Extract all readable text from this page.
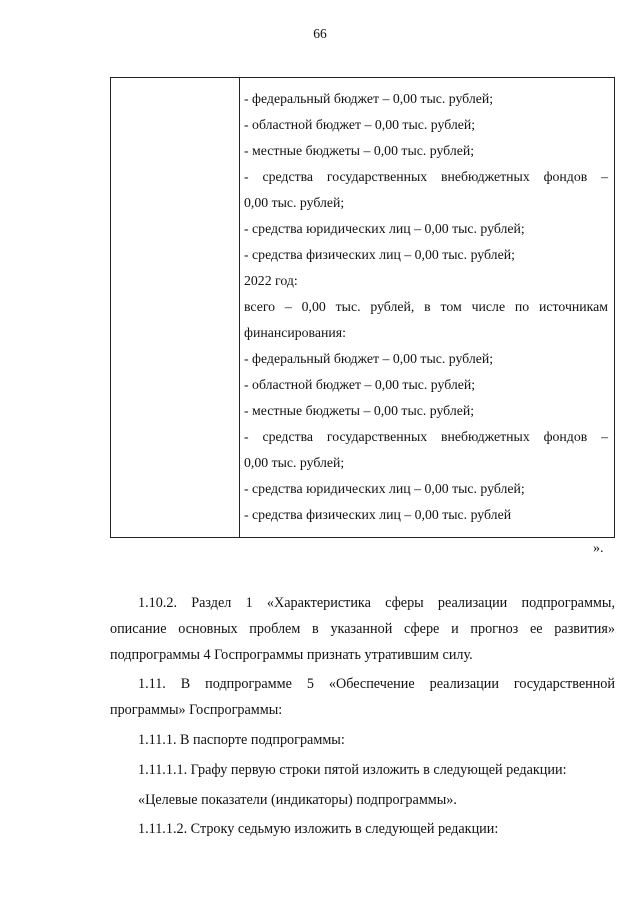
66
- федеральный бюджет – 0,00 тыс. рублей;
- областной бюджет – 0,00 тыс. рублей;
- местные бюджеты – 0,00 тыс. рублей;
- средства государственных внебюджетных фондов –
0,00 тыс. рублей;
- средства юридических лиц – 0,00 тыс. рублей;
- средства физических лиц – 0,00 тыс. рублей;
2022 год:
всего – 0,00 тыс. рублей, в том числе по источникам
финансирования:
- федеральный бюджет – 0,00 тыс. рублей;
- областной бюджет – 0,00 тыс. рублей;
- местные бюджеты – 0,00 тыс. рублей;
- средства государственных внебюджетных фондов –
0,00 тыс. рублей;
- средства юридических лиц – 0,00 тыс. рублей;
- средства физических лиц – 0,00 тыс. рублей
».
1.10.2. Раздел 1 «Характеристика сферы реализации подпрограммы,
описание основных проблем в указанной сфере и прогноз ее развития»
подпрограммы 4 Госпрограммы признать утратившим силу.
1.11. В подпрограмме 5 «Обеспечение реализации государственной
программы» Госпрограммы:
1.11.1. В паспорте подпрограммы:
1.11.1.1. Графу первую строки пятой изложить в следующей редакции:
«Целевые показатели (индикаторы) подпрограммы».
1.11.1.2. Строку седьмую изложить в следующей редакции:
